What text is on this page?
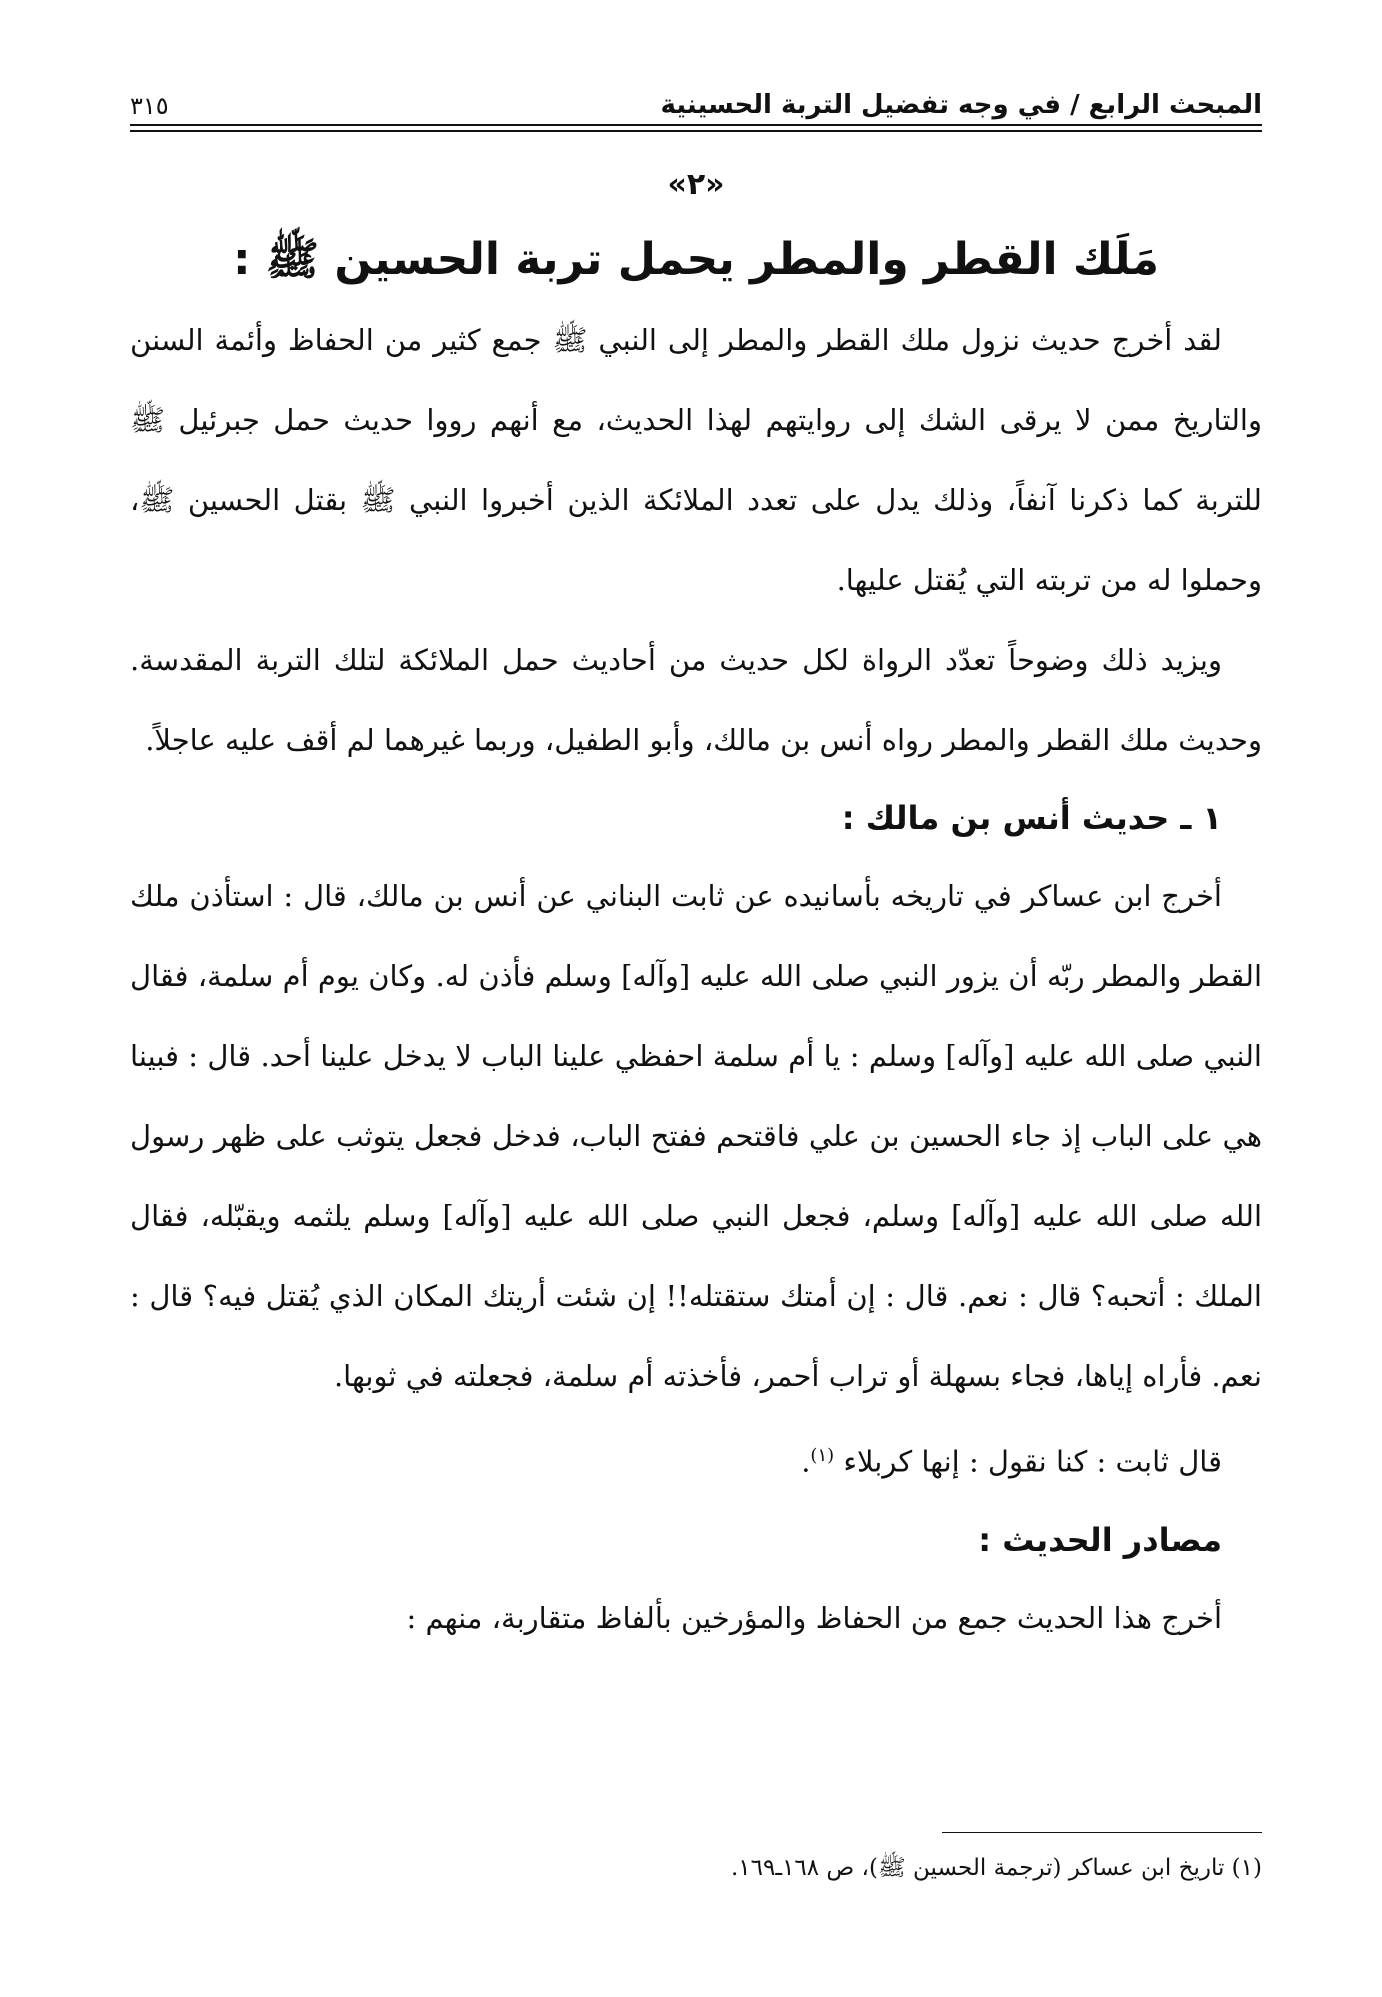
المبحث الرابع / في وجه تفضيل التربة الحسينية
٣١٥
«٢»
مَلَك القطر والمطر يحمل تربة الحسين ﷺ :

لقد أخرج حديث نزول ملك القطر والمطر إلى النبي ﷺ جمع كثير من الحفاظ وأئمة السنن والتاريخ ممن لا يرقى الشك إلى روايتهم لهذا الحديث، مع أنهم رووا حديث حمل جبرئيل ﷺ للتربة كما ذكرنا آنفاً، وذلك يدل على تعدد الملائكة الذين أخبروا النبي ﷺ بقتل الحسين ﷺ، وحملوا له من تربته التي يُقتل عليها.

ويزيد ذلك وضوحاً تعدّد الرواة لكل حديث من أحاديث حمل الملائكة لتلك التربة المقدسة. وحديث ملك القطر والمطر رواه أنس بن مالك، وأبو الطفيل، وربما غيرهما لم أقف عليه عاجلاً.

١ ـ حديث أنس بن مالك :

أخرج ابن عساكر في تاريخه بأسانيده عن ثابت البناني عن أنس بن مالك، قال : استأذن ملك القطر والمطر ربّه أن يزور النبي صلى الله عليه [وآله] وسلم فأذن له. وكان يوم أم سلمة، فقال النبي صلى الله عليه [وآله] وسلم : يا أم سلمة احفظي علينا الباب لا يدخل علينا أحد. قال : فبينا هي على الباب إذ جاء الحسين بن علي فاقتحم ففتح الباب، فدخل فجعل يتوثب على ظهر رسول الله صلى الله عليه [وآله] وسلم، فجعل النبي صلى الله عليه [وآله] وسلم يلثمه ويقبّله، فقال الملك : أتحبه؟ قال : نعم. قال : إن أمتك ستقتله!! إن شئت أريتك المكان الذي يُقتل فيه؟ قال : نعم. فأراه إياها، فجاء بسهلة أو تراب أحمر، فأخذته أم سلمة، فجعلته في ثوبها.

قال ثابت : كنا نقول : إنها كربلاء $^{(١)}$.

مصادر الحديث :

أخرج هذا الحديث جمع من الحفاظ والمؤرخين بألفاظ متقاربة، منهم :

(١) تاريخ ابن عساكر (ترجمة الحسين ﷺ)، ص ١٦٨ـ١٦٩.
